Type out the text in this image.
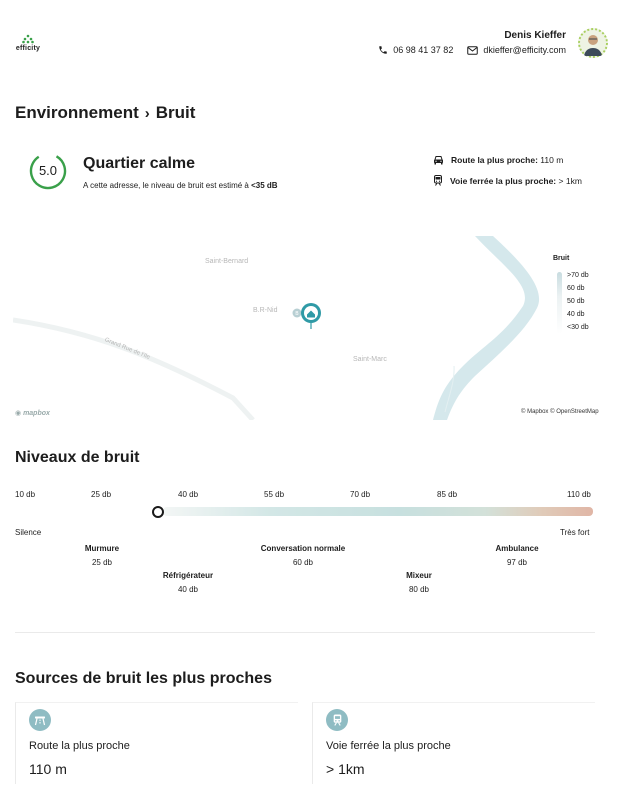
efficity
Denis Kieffer
06 98 41 37 82	dkieffer@efficity.com
Environnement › Bruit
5.0	Quartier calme
A cette adresse, le niveau de bruit est estimé à <35 dB
Route la plus proche: 110 m
Voie ferrée la plus proche: > 1km
Saint-Bernard
B.R-Nid
Saint-Marc
Grand Rue de l'Ile
B
Bruit
>70 db
60 db
50 db
40 db
<30 db
◉ mapbox	© Mapbox © OpenStreetMap
Niveaux de bruit
10 db	25 db	40 db	55 db	70 db	85 db	110 db
Silence	Très fort
Murmure
25 db
Réfrigérateur
40 db
Conversation normale
60 db
Mixeur
80 db
Ambulance
97 db
Sources de bruit les plus proches
Route la plus proche
110 m
Voie ferrée la plus proche
> 1km
